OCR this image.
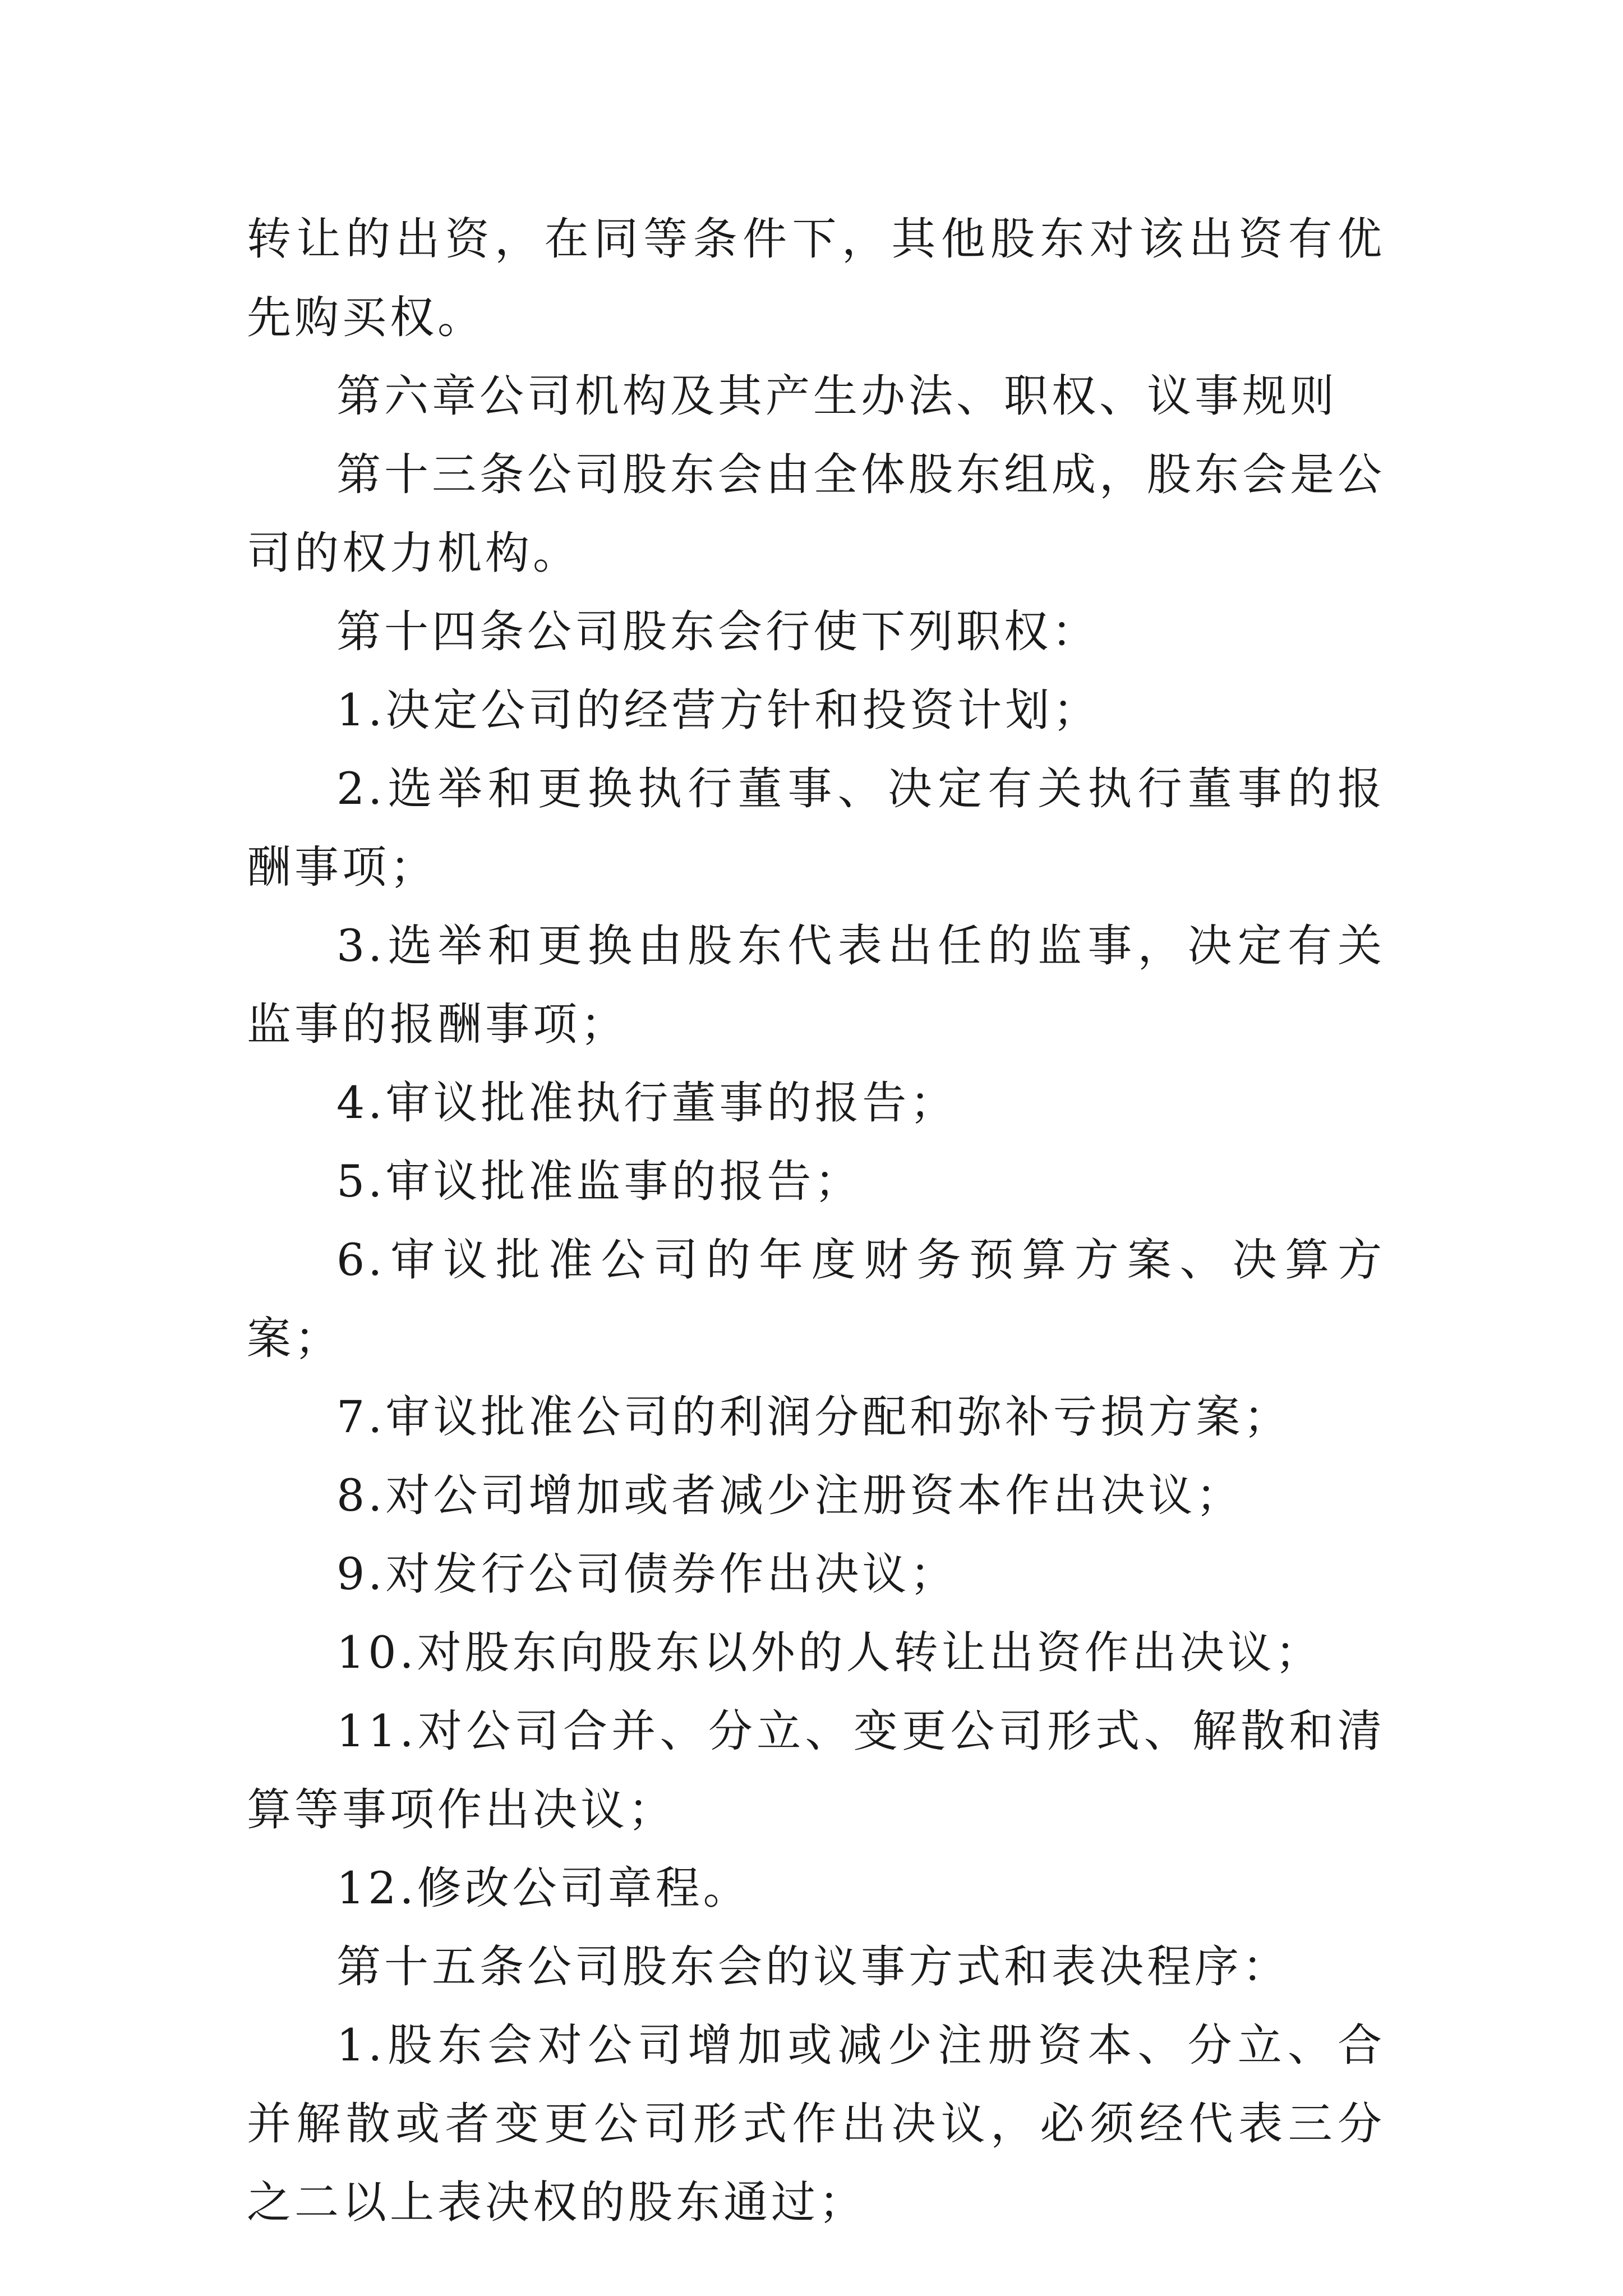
转让的出资，在同等条件下，其他股东对该出资有优先购买权。

第六章公司机构及其产生办法、职权、议事规则

第十三条公司股东会由全体股东组成，股东会是公司的权力机构。

第十四条公司股东会行使下列职权：

1.决定公司的经营方针和投资计划；

2.选举和更换执行董事、决定有关执行董事的报酬事项；

3.选举和更换由股东代表出任的监事，决定有关监事的报酬事项；

4.审议批准执行董事的报告；

5.审议批准监事的报告；

6.审议批准公司的年度财务预算方案、决算方案；

7.审议批准公司的利润分配和弥补亏损方案；

8.对公司增加或者减少注册资本作出决议；

9.对发行公司债券作出决议；

10.对股东向股东以外的人转让出资作出决议；

11.对公司合并、分立、变更公司形式、解散和清算等事项作出决议；

12.修改公司章程。

第十五条公司股东会的议事方式和表决程序：

1.股东会对公司增加或减少注册资本、分立、合并解散或者变更公司形式作出决议，必须经代表三分之二以上表决权的股东通过；
